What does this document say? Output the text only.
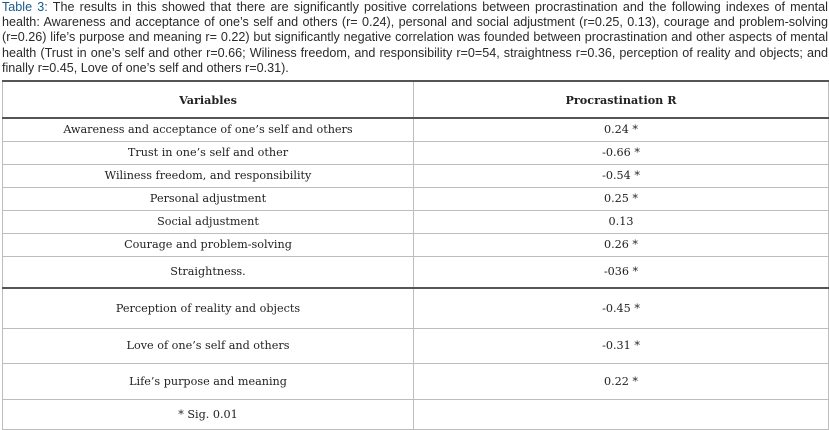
Table 3: The results in this showed that there are significantly positive correlations between procrastination and the following indexes of mental health: Awareness and acceptance of one’s self and others (r= 0.24), personal and social adjustment (r=0.25, 0.13), courage and problem-solving (r=0.26) life’s purpose and meaning r= 0.22) but significantly negative correlation was founded between procrastination and other aspects of mental health (Trust in one’s self and other r=0.66; Wiliness freedom, and responsibility r=0=54, straightness r=0.36, perception of reality and objects; and finally r=0.45, Love of one’s self and others r=0.31).
Variables	Procrastination R
Awareness and acceptance of one’s self and others	0.24 *
Trust in one’s self and other	-0.66 *
Wiliness freedom, and responsibility	-0.54 *
Personal adjustment	0.25 *
Social adjustment	0.13
Courage and problem-solving	0.26 *
Straightness.	-036 *
Perception of reality and objects	-0.45 *
Love of one’s self and others	-0.31 *
Life’s purpose and meaning	0.22 *
* Sig. 0.01	
